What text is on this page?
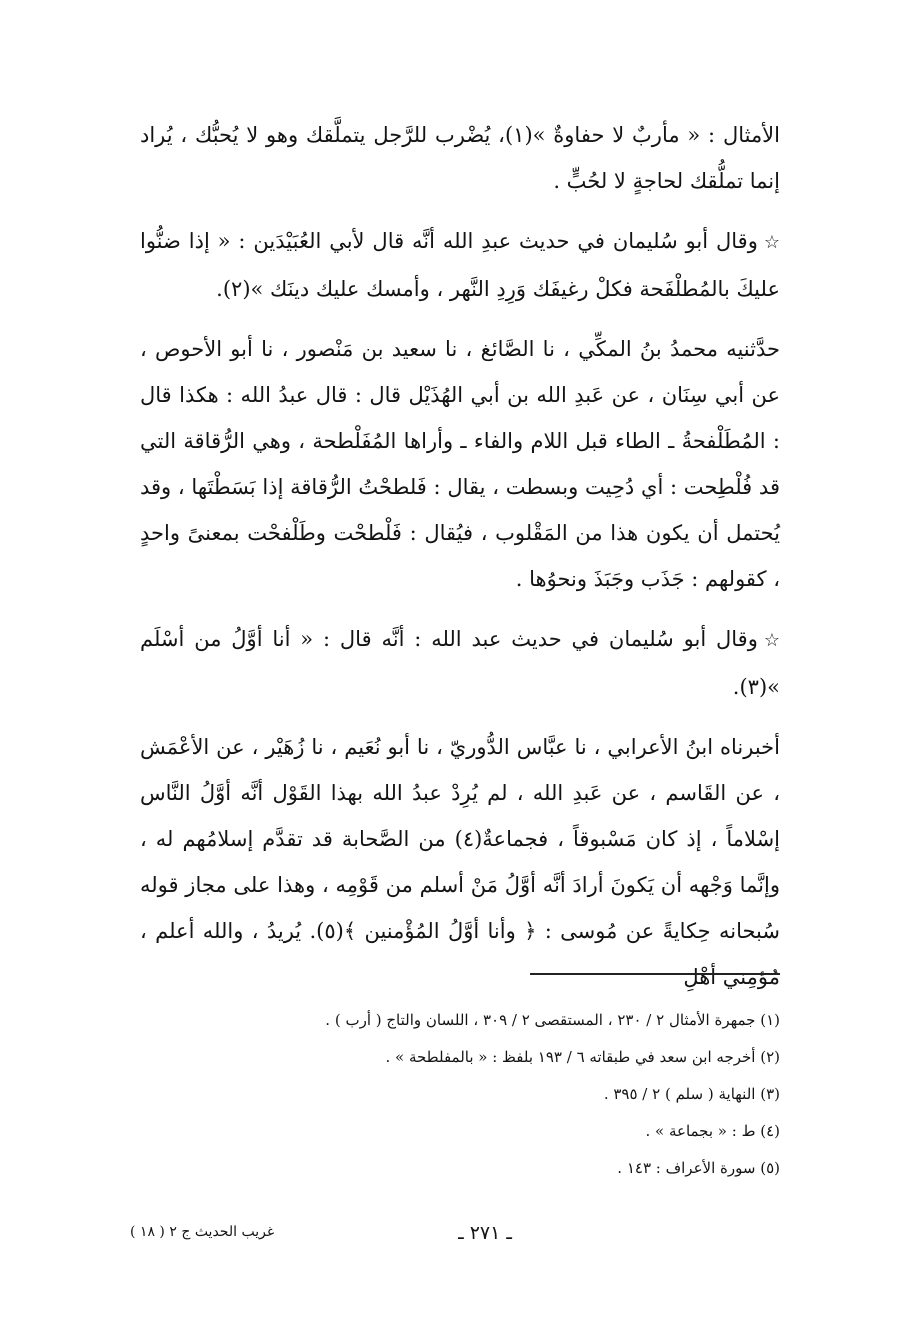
الأمثال : « مأربٌ لا حفاوةٌ »(١)، يُضْرب للرَّجل يتملَّقك وهو لا يُحبُّك ، يُراد إنما تملُّقك لحاجةٍ لا لحُبٍّ .

☆وقال أبو سُليمان في حديث عبدِ الله أنَّه قال لأبي العُبَيْدَين : « إذا ضنُّوا عليكَ بالمُطلْفَحة فكلْ رغيفَك وَرِدِ النَّهر ، وأمسك عليك دينَك »(٢).

حدَّثنيه محمدُ بنُ المكِّي ، نا الصَّائغ ، نا سعيد بن مَنْصور ، نا أبو الأحوص ، عن أبي سِنَان ، عن عَبدِ الله بن أبي الهُذَيْل قال : قال عبدُ الله : هكذا قال : المُطَلْفحةُ ـ الطاء قبل اللام والفاء ـ وأراها المُفَلْطحة ، وهي الرُّقاقة التي قد فُلْطِحت : أي دُحِيت وبسطت ، يقال : فَلطحْتُ الرُّقاقة إذا بَسَطْتَها ، وقد يُحتمل أن يكون هذا من المَقْلوب ، فيُقال : فَلْطحْت وطَلْفحْت بمعنىً واحدٍ ، كقولهم : جَذَب وجَبَذَ ونحوُها .

☆وقال أبو سُليمان في حديث عبد الله : أنَّه قال : « أنا أوَّلُ من أسْلَم »(٣).

أخبرناه ابنُ الأعرابي ، نا عبَّاس الدُّوريّ ، نا أبو نُعَيم ، نا زُهَيْر ، عن الأعْمَش ، عن القَاسم ، عن عَبدِ الله ، لم يُرِدْ عبدُ الله بهذا القَوْل أنَّه أوَّلُ النَّاس إسْلاماً ، إذ كان مَسْبوقاً ، فجماعةٌ(٤) من الصَّحابة قد تقدَّم إسلامُهم له ، وإنَّما وَجْهه أن يَكونَ أرادَ أنَّه أوَّلُ مَنْ أسلم من قَوْمِه ، وهذا على مجاز قوله سُبحانه حِكايةً عن مُوسى : ﴿ وأنا أوَّلُ المُؤْمنين ﴾(٥). يُريدُ ، والله أعلم ، مُؤمِني أهْلِ

(١) جمهرة الأمثال ٢ / ٢٣٠ ، المستقصى ٢ / ٣٠٩ ، اللسان والتاج ( أرب ) .
(٢) أخرجه ابن سعد في طبقاته ٦ / ١٩٣ بلفظ : « بالمفلطحة » .
(٣) النهاية ( سلم ) ٢ / ٣٩٥ .
(٤) ط : « بجماعة » .
(٥) سورة الأعراف : ١٤٣ .
ـ ٢٧١ ـ
غريب الحديث ج ٢ ( ١٨ )
